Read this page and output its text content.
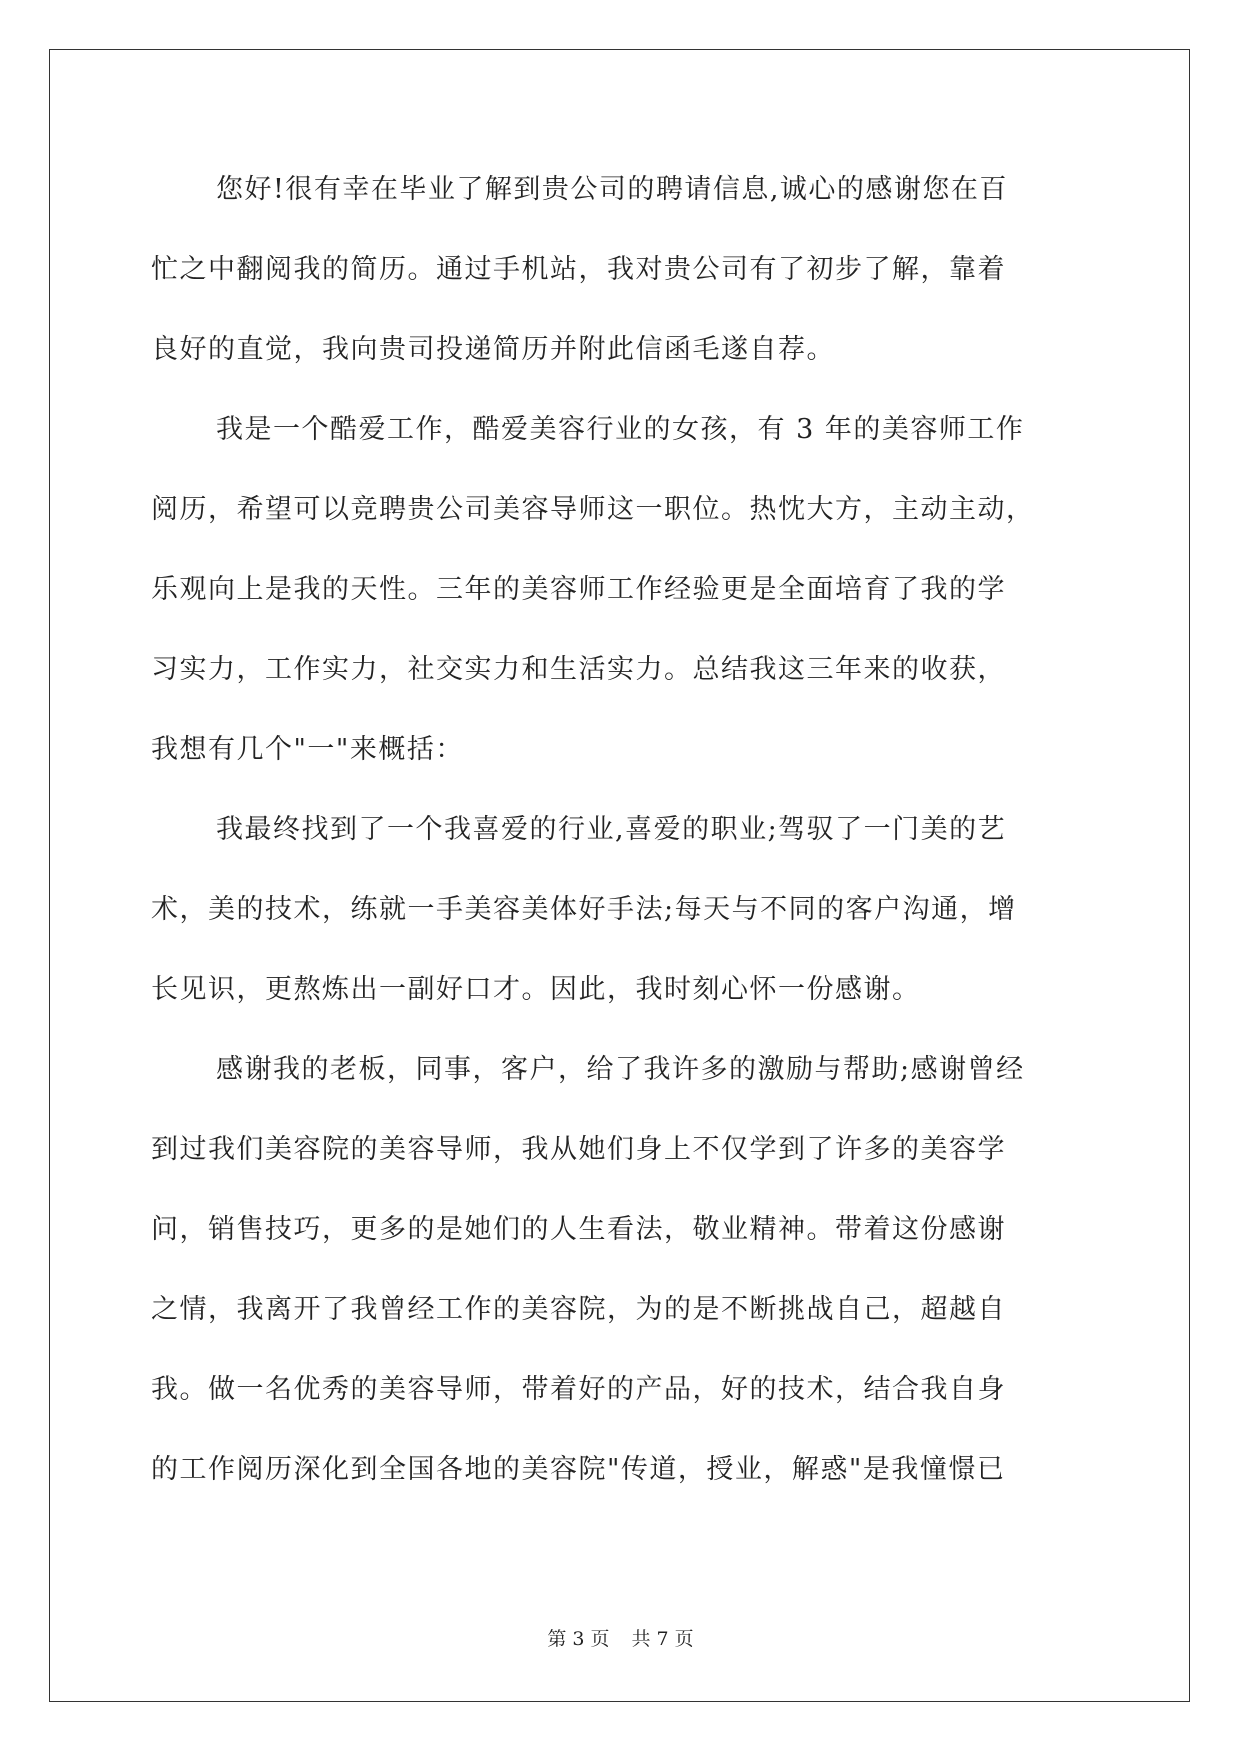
您好!很有幸在毕业了解到贵公司的聘请信息,诚心的感谢您在百
忙之中翻阅我的简历。通过手机站，我对贵公司有了初步了解，靠着
良好的直觉，我向贵司投递简历并附此信函毛遂自荐。
我是一个酷爱工作，酷爱美容行业的女孩，有 3 年的美容师工作
阅历，希望可以竞聘贵公司美容导师这一职位。热忱大方，主动主动，
乐观向上是我的天性。三年的美容师工作经验更是全面培育了我的学
习实力，工作实力，社交实力和生活实力。总结我这三年来的收获，
我想有几个"一"来概括：
我最终找到了一个我喜爱的行业,喜爱的职业;驾驭了一门美的艺
术，美的技术，练就一手美容美体好手法;每天与不同的客户沟通，增
长见识，更熬炼出一副好口才。因此，我时刻心怀一份感谢。
感谢我的老板，同事，客户，给了我许多的激励与帮助;感谢曾经
到过我们美容院的美容导师，我从她们身上不仅学到了许多的美容学
问，销售技巧，更多的是她们的人生看法，敬业精神。带着这份感谢
之情，我离开了我曾经工作的美容院，为的是不断挑战自己，超越自
我。做一名优秀的美容导师，带着好的产品，好的技术，结合我自身
的工作阅历深化到全国各地的美容院"传道，授业，解惑"是我憧憬已
第 3 页 共 7 页
